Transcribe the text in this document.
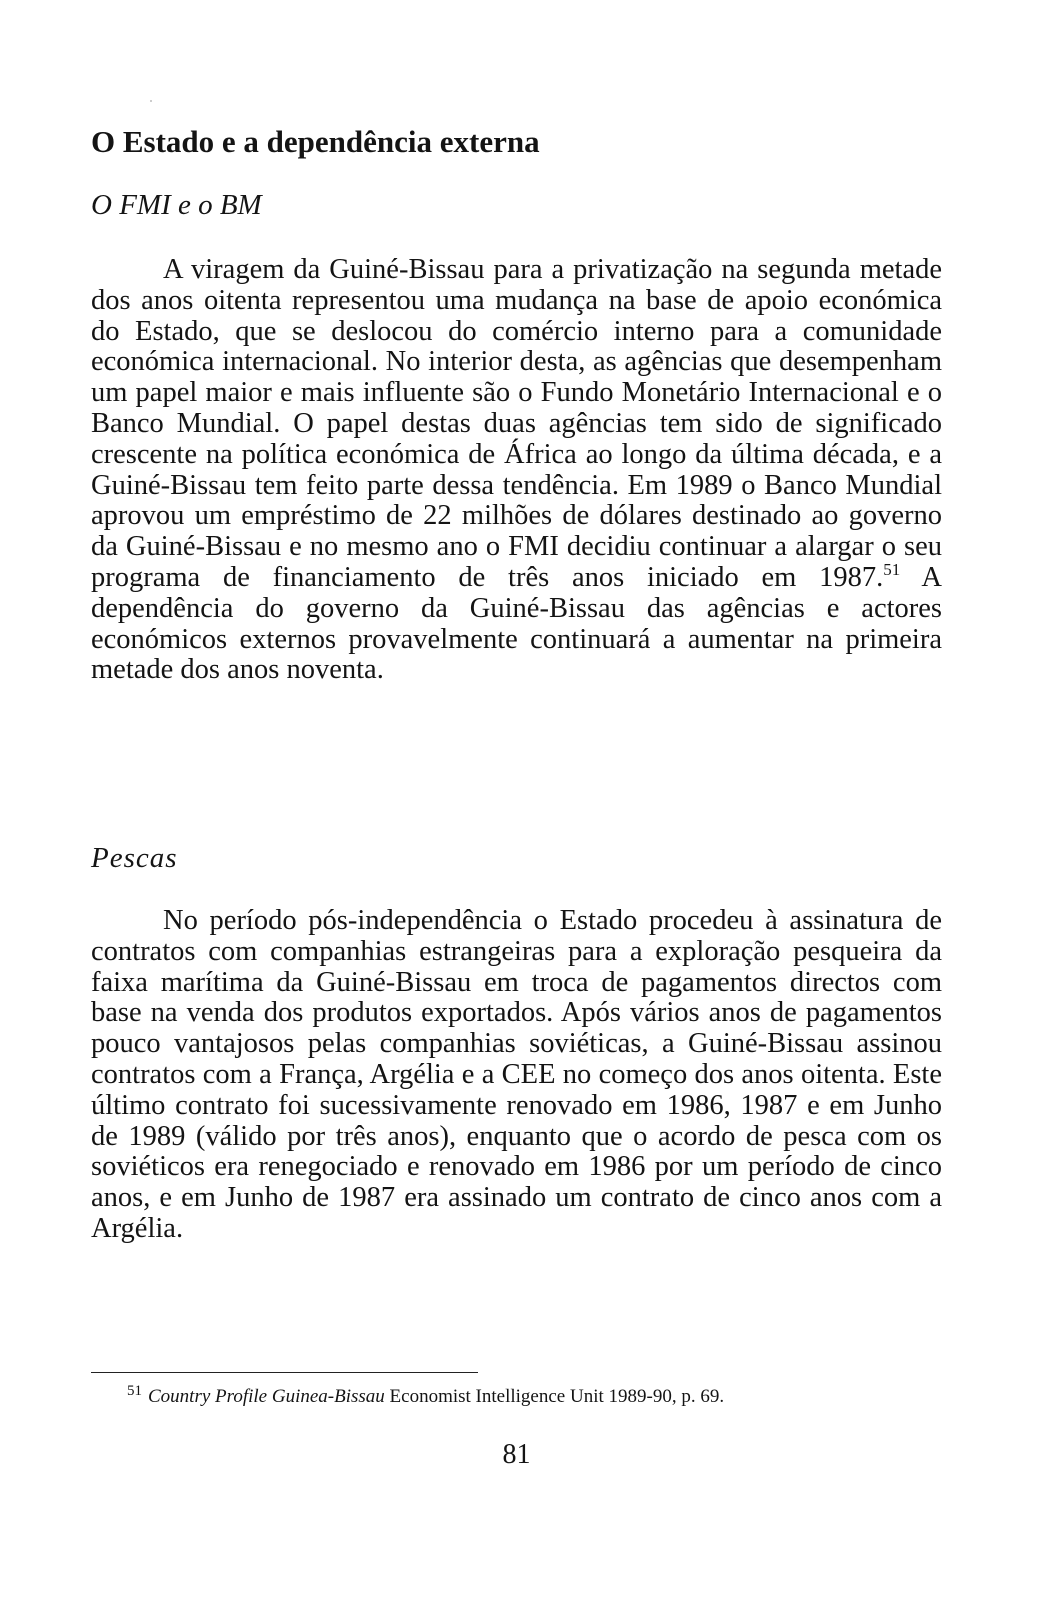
O Estado e a dependência externa
O FMI e o BM

A viragem da Guiné-Bissau para a privatização na segunda metade dos anos oitenta representou uma mudança na base de apoio económica do Estado, que se deslocou do comércio interno para a comunidade económica internacional. No interior desta, as agências que desempenham um papel maior e mais influente são o Fundo Monetário Internacional e o Banco Mundial. O papel destas duas agências tem sido de significado crescente na política económica de África ao longo da última década, e a Guiné-Bissau tem feito parte dessa tendência. Em 1989 o Banco Mundial aprovou um empréstimo de 22 milhões de dólares destinado ao governo da Guiné-Bissau e no mesmo ano o FMI decidiu continuar a alargar o seu programa de financiamento de três anos iniciado em 1987.51 A dependência do governo da Guiné-Bissau das agências e actores económicos externos provavelmente continuará a aumentar na primeira metade dos anos noventa.

Pescas

No período pós-independência o Estado procedeu à assinatura de contratos com companhias estrangeiras para a exploração pesqueira da faixa marítima da Guiné-Bissau em troca de pagamentos directos com base na venda dos produtos exportados. Após vários anos de pagamentos pouco vantajosos pelas companhias soviéticas, a Guiné-Bissau assinou contratos com a França, Argélia e a CEE no começo dos anos oitenta. Este último contrato foi sucessivamente renovado em 1986, 1987 e em Junho de 1989 (válido por três anos), enquanto que o acordo de pesca com os soviéticos era renegociado e renovado em 1986 por um período de cinco anos, e em Junho de 1987 era assinado um contrato de cinco anos com a Argélia.

$^{51}$ Country Profile Guinea-Bissau Economist Intelligence Unit 1989-90, p. 69.

81
